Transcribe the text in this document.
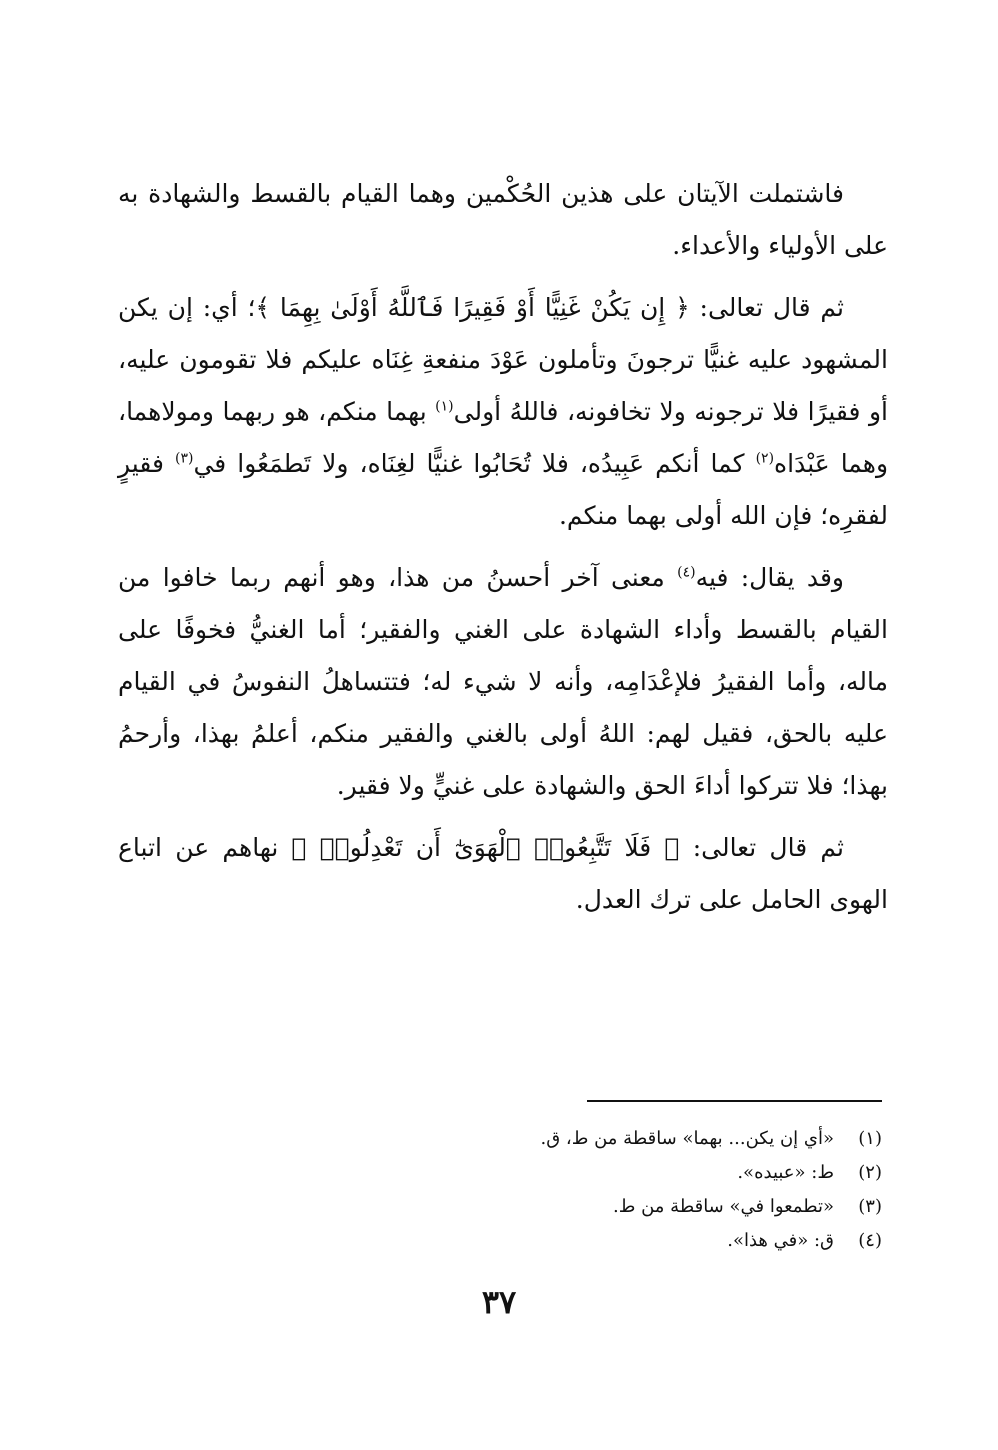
فاشتملت الآيتان على هذين الحُكْمين وهما القيام بالقسط والشهادة به على الأولياء والأعداء.
ثم قال تعالى: ﴿ إِن يَكُنْ غَنِيًّا أَوْ فَقِيرًا فَٱللَّهُ أَوْلَىٰ بِهِمَا ﴾؛ أي: إن يكن المشهود عليه غنيًّا ترجونَ وتأملون عَوْدَ منفعةِ غِنَاه عليكم فلا تقومون عليه، أو فقيرًا فلا ترجونه ولا تخافونه، فاللهُ أولى$^{(١)}$ بهما منكم، هو ربهما ومولاهما، وهما عَبْدَاه$^{(٢)}$ كما أنكم عَبِيدُه، فلا تُحَابُوا غنيًّا لغِنَاه، ولا تَطمَعُوا في$^{(٣)}$ فقيرٍ لفقرِه؛ فإن الله أولى بهما منكم.
وقد يقال: فيه$^{(٤)}$ معنى آخر أحسنُ من هذا، وهو أنهم ربما خافوا من القيام بالقسط وأداء الشهادة على الغني والفقير؛ أما الغنيُّ فخوفًا على ماله، وأما الفقيرُ فلإعْدَامِه، وأنه لا شيء له؛ فتتساهلُ النفوسُ في القيام عليه بالحق، فقيل لهم: اللهُ أولى بالغني والفقير منكم، أعلمُ بهذا، وأرحمُ بهذا؛ فلا تتركوا أداءَ الحق والشهادة على غنيٍّ ولا فقير.
ثم قال تعالى: ﴿ فَلَا تَتَّبِعُوا۟ ٱلْهَوَىٰٓ أَن تَعْدِلُوا۟ ﴾ نهاهم عن اتباع الهوى الحامل على ترك العدل.
(١)«أي إن يكن... بهما» ساقطة من ط، ق.
(٢)ط: «عبيده».
(٣)«تطمعوا في» ساقطة من ط.
(٤)ق: «في هذا».
٣٧
